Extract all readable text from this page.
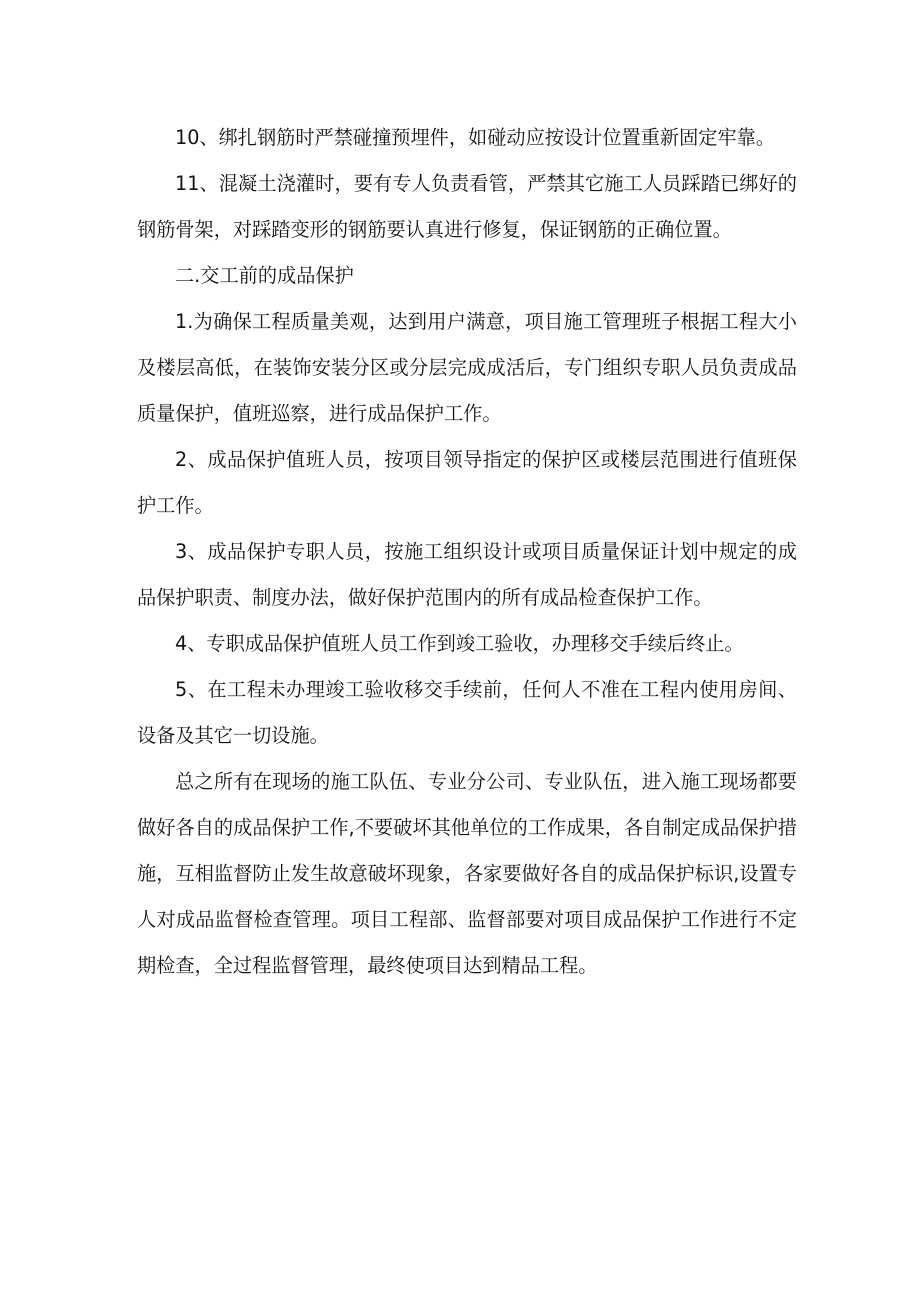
10、绑扎钢筋时严禁碰撞预埋件，如碰动应按设计位置重新固定牢靠。

11、混凝土浇灌时，要有专人负责看管，严禁其它施工人员踩踏已绑好的钢筋骨架，对踩踏变形的钢筋要认真进行修复，保证钢筋的正确位置。

二.交工前的成品保护

1.为确保工程质量美观，达到用户满意，项目施工管理班子根据工程大小及楼层高低，在装饰安装分区或分层完成成活后，专门组织专职人员负责成品质量保护，值班巡察，进行成品保护工作。

2、成品保护值班人员，按项目领导指定的保护区或楼层范围进行值班保护工作。

3、成品保护专职人员，按施工组织设计或项目质量保证计划中规定的成品保护职责、制度办法，做好保护范围内的所有成品检查保护工作。

4、专职成品保护值班人员工作到竣工验收，办理移交手续后终止。

5、在工程未办理竣工验收移交手续前，任何人不准在工程内使用房间、设备及其它一切设施。

总之所有在现场的施工队伍、专业分公司、专业队伍，进入施工现场都要做好各自的成品保护工作,不要破坏其他单位的工作成果，各自制定成品保护措施，互相监督防止发生故意破坏现象，各家要做好各自的成品保护标识,设置专人对成品监督检查管理。项目工程部、监督部要对项目成品保护工作进行不定期检查，全过程监督管理，最终使项目达到精品工程。
